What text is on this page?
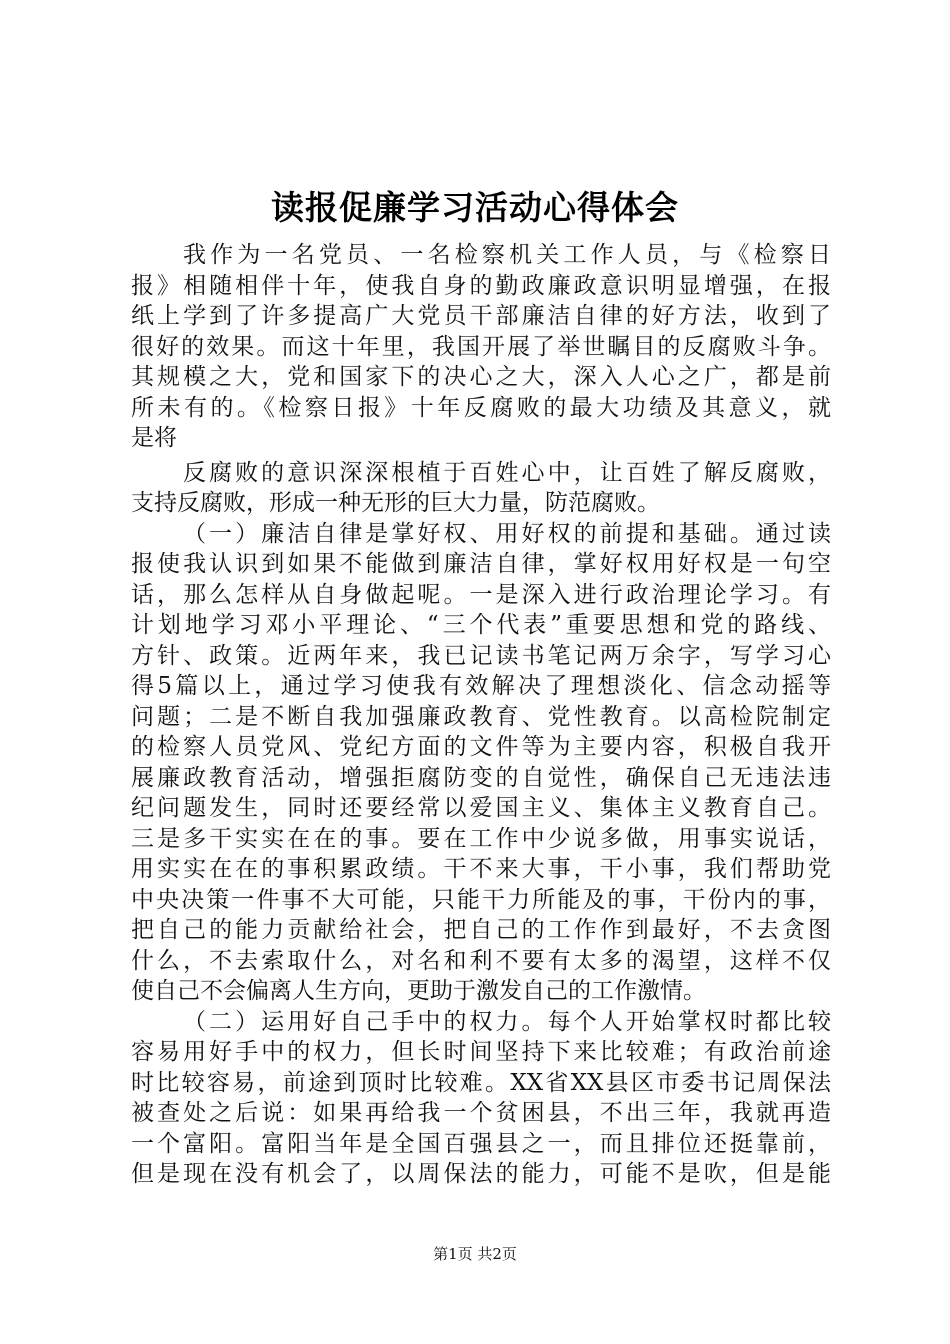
读报促廉学习活动心得体会
我作为一名党员、一名检察机关工作人员，与《检察日
报》相随相伴十年，使我自身的勤政廉政意识明显增强，在报
纸上学到了许多提高广大党员干部廉洁自律的好方法，收到了
很好的效果。而这十年里，我国开展了举世瞩目的反腐败斗争。
其规模之大，党和国家下的决心之大，深入人心之广，都是前
所未有的。《检察日报》十年反腐败的最大功绩及其意义，就
是将
反腐败的意识深深根植于百姓心中，让百姓了解反腐败，
支持反腐败，形成一种无形的巨大力量，防范腐败。
（一）廉洁自律是掌好权、用好权的前提和基础。通过读
报使我认识到如果不能做到廉洁自律，掌好权用好权是一句空
话，那么怎样从自身做起呢。一是深入进行政治理论学习。有
计划地学习邓小平理论、“三个代表”重要思想和党的路线、
方针、政策。近两年来，我已记读书笔记两万余字，写学习心
得5篇以上，通过学习使我有效解决了理想淡化、信念动摇等
问题；二是不断自我加强廉政教育、党性教育。以高检院制定
的检察人员党风、党纪方面的文件等为主要内容，积极自我开
展廉政教育活动，增强拒腐防变的自觉性，确保自己无违法违
纪问题发生，同时还要经常以爱国主义、集体主义教育自己。
三是多干实实在在的事。要在工作中少说多做，用事实说话，
用实实在在的事积累政绩。干不来大事，干小事，我们帮助党
中央决策一件事不大可能，只能干力所能及的事，干份内的事，
把自己的能力贡献给社会，把自己的工作作到最好，不去贪图
什么，不去索取什么，对名和利不要有太多的渴望，这样不仅
使自己不会偏离人生方向，更助于激发自己的工作激情。
（二）运用好自己手中的权力。每个人开始掌权时都比较
容易用好手中的权力，但长时间坚持下来比较难；有政治前途
时比较容易，前途到顶时比较难。XX省XX县区市委书记周保法
被查处之后说：如果再给我一个贫困县，不出三年，我就再造
一个富阳。富阳当年是全国百强县之一，而且排位还挺靠前，
但是现在没有机会了，以周保法的能力，可能不是吹，但是能
第1页 共2页
